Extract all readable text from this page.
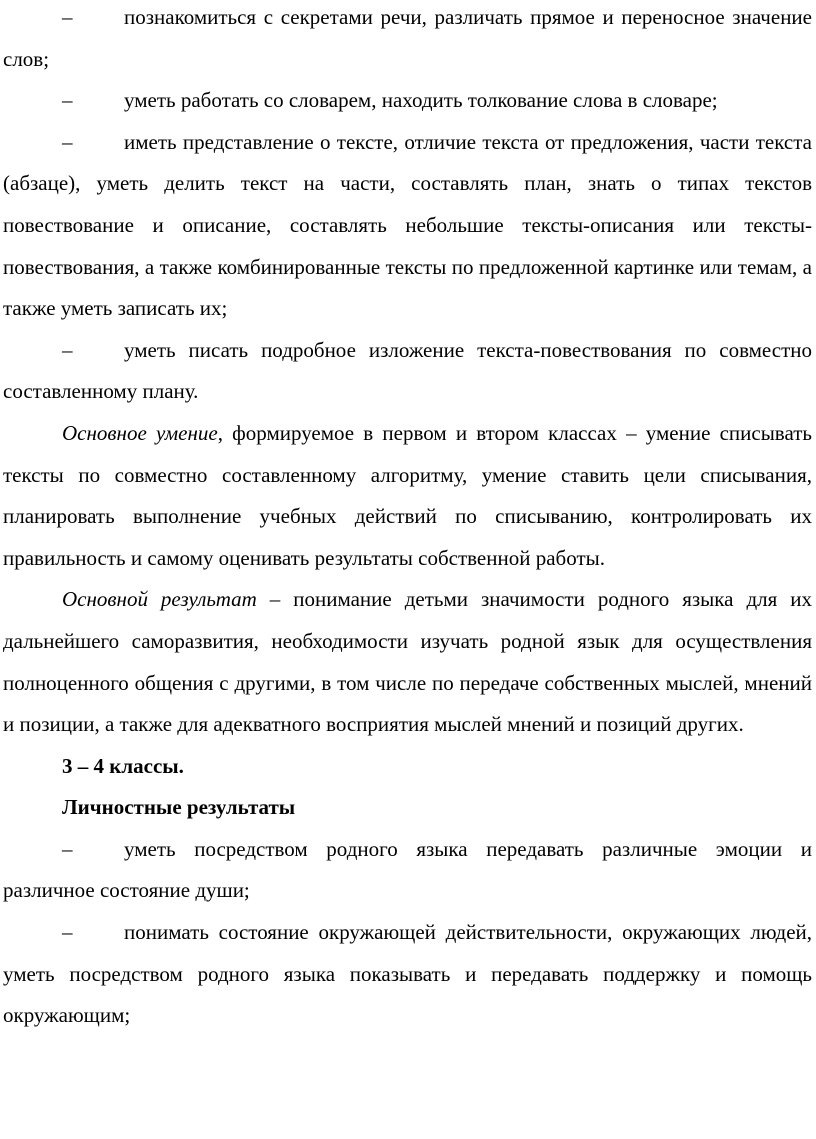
– познакомиться с секретами речи, различать прямое и переносное значение слов;

– уметь работать со словарем, находить толкование слова в словаре;

– иметь представление о тексте, отличие текста от предложения, части текста (абзаце), уметь делить текст на части, составлять план, знать о типах текстов повествование и описание, составлять небольшие тексты-описания или тексты-повествования, а также комбинированные тексты по предложенной картинке или темам, а также уметь записать их;

– уметь писать подробное изложение текста-повествования по совместно составленному плану.

Основное умение, формируемое в первом и втором классах – умение списывать тексты по совместно составленному алгоритму, умение ставить цели списывания, планировать выполнение учебных действий по списыванию, контролировать их правильность и самому оценивать результаты собственной работы.

Основной результат – понимание детьми значимости родного языка для их дальнейшего саморазвития, необходимости изучать родной язык для осуществления полноценного общения с другими, в том числе по передаче собственных мыслей, мнений и позиции, а также для адекватного восприятия мыслей мнений и позиций других.

3 – 4 классы.

Личностные результаты

– уметь посредством родного языка передавать различные эмоции и различное состояние души;

– понимать состояние окружающей действительности, окружающих людей, уметь посредством родного языка показывать и передавать поддержку и помощь окружающим;
